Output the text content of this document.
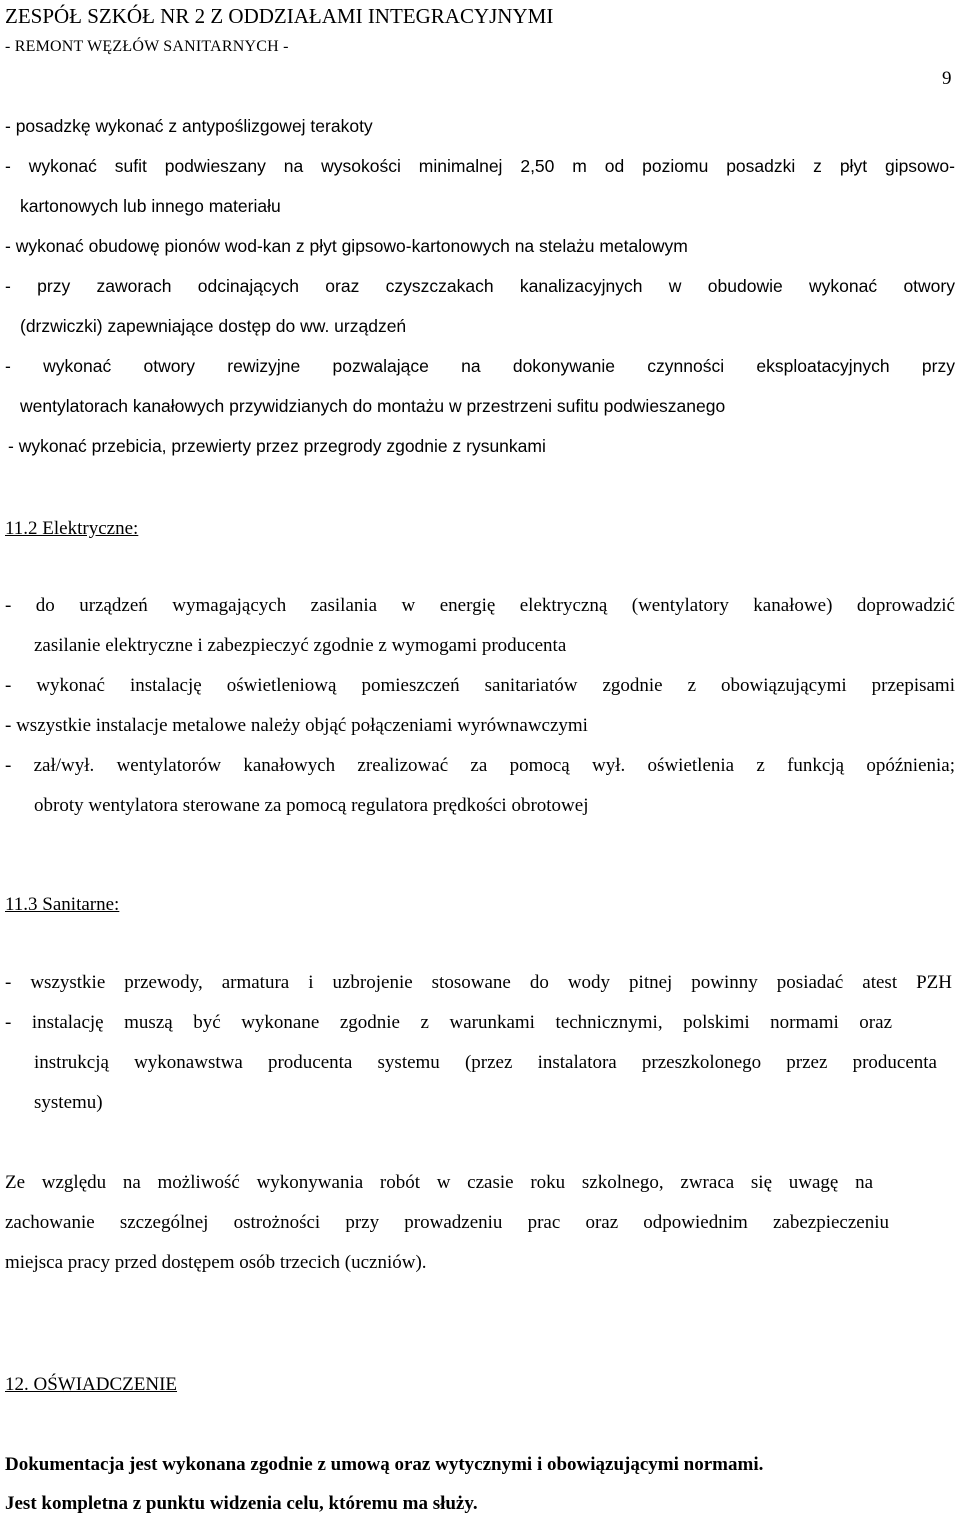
ZESPÓŁ SZKÓŁ NR 2 Z ODDZIAŁAMI INTEGRACYJNYMI
- REMONT WĘZŁÓW SANITARNYCH -
9
- posadzkę wykonać z antypoślizgowej terakoty
- wykonać sufit podwieszany na wysokości minimalnej 2,50 m od poziomu posadzki z płyt gipsowo-
kartonowych lub innego materiału
- wykonać obudowę pionów wod-kan z płyt gipsowo-kartonowych na stelażu metalowym
- przy zaworach odcinających oraz czyszczakach kanalizacyjnych w obudowie wykonać otwory
(drzwiczki) zapewniające dostęp do ww. urządzeń
- wykonać otwory rewizyjne pozwalające na dokonywanie czynności eksploatacyjnych przy
wentylatorach kanałowych przywidzianych do montażu w przestrzeni sufitu podwieszanego
- wykonać przebicia, przewierty przez przegrody zgodnie z rysunkami
11.2 Elektryczne:
- do urządzeń wymagających zasilania w energię elektryczną (wentylatory kanałowe) doprowadzić
zasilanie elektryczne i zabezpieczyć zgodnie z wymogami producenta
- wykonać instalację oświetleniową pomieszczeń sanitariatów zgodnie z obowiązującymi przepisami
- wszystkie instalacje metalowe należy objąć połączeniami wyrównawczymi
- zał/wył. wentylatorów kanałowych zrealizować za pomocą wył. oświetlenia z funkcją opóźnienia;
obroty wentylatora sterowane za pomocą regulatora prędkości obrotowej
11.3 Sanitarne:
- wszystkie przewody, armatura i uzbrojenie stosowane do wody pitnej powinny posiadać atest PZH
- instalację muszą być wykonane zgodnie z warunkami technicznymi, polskimi normami oraz
instrukcją wykonawstwa producenta systemu (przez instalatora przeszkolonego przez producenta
systemu)
Ze względu na możliwość wykonywania robót w czasie roku szkolnego, zwraca się uwagę na
zachowanie szczególnej ostrożności przy prowadzeniu prac oraz odpowiednim zabezpieczeniu
miejsca pracy przed dostępem osób trzecich (uczniów).
12. OŚWIADCZENIE
Dokumentacja jest wykonana zgodnie z umową oraz wytycznymi i obowiązującymi normami.
Jest kompletna z punktu widzenia celu, któremu ma służy.
